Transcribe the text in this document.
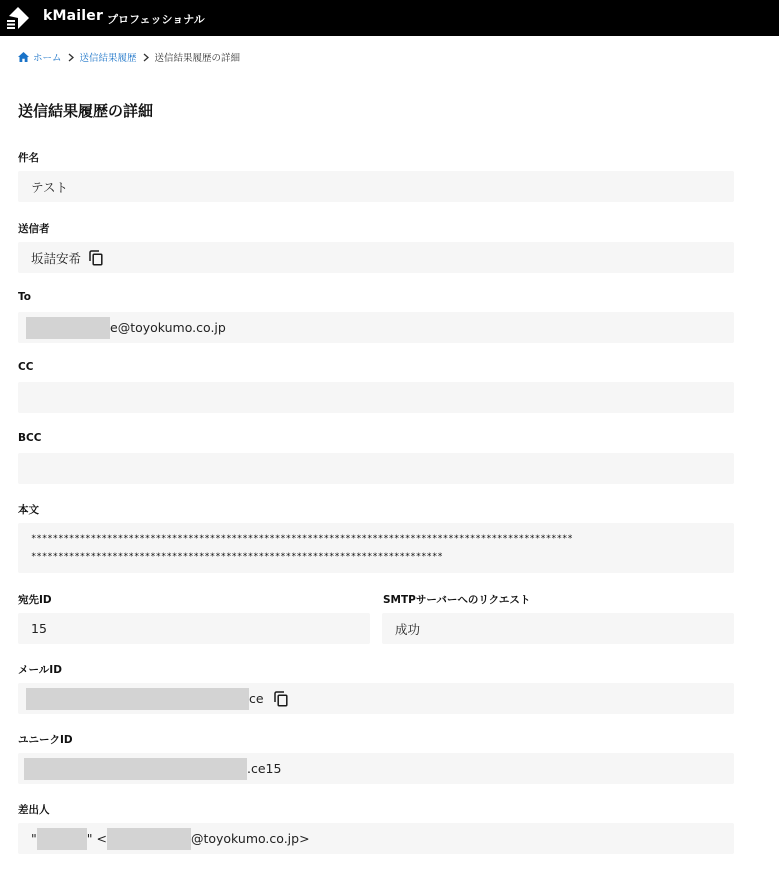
kMailer プロフェッショナル
ホーム 送信結果履歴 送信結果履歴の詳細
送信結果履歴の詳細
件名
テスト
送信者
坂詰安希
To
e@toyokumo.co.jp
CC
BCC
本文
****************************************************************************************************
****************************************************************************
宛先ID
15
SMTPサーバーへのリクエスト
成功
メールID
ce
ユニークID
.ce15
差出人
"	" <	@toyokumo.co.jp>
